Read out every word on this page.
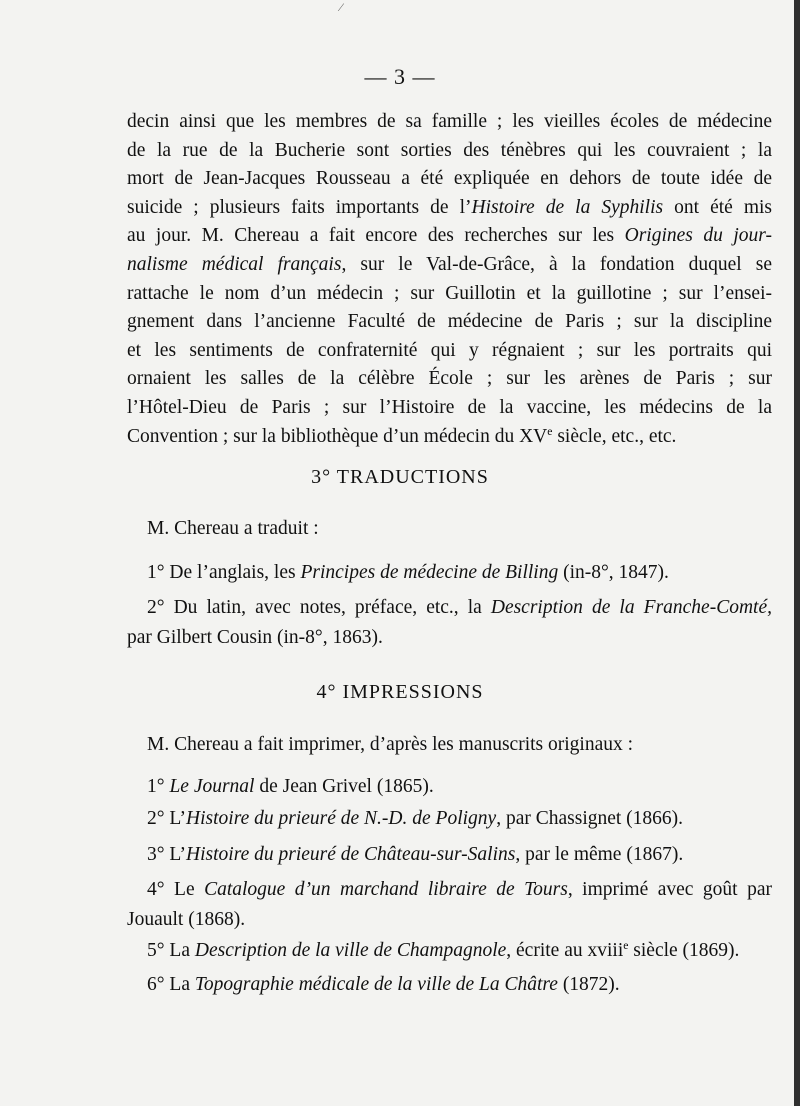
⁄
— 3 —

decin ainsi que les membres de sa famille ; les vieilles écoles de médecine
de la rue de la Bucherie sont sorties des ténèbres qui les couvraient ; la
mort de Jean-Jacques Rousseau a été expliquée en dehors de toute idée de
suicide ; plusieurs faits importants de l’Histoire de la Syphilis ont été mis
au jour. M. Chereau a fait encore des recherches sur les Origines du jour-
nalisme médical français, sur le Val-de-Grâce, à la fondation duquel se
rattache le nom d’un médecin ; sur Guillotin et la guillotine ; sur l’ensei-
gnement dans l’ancienne Faculté de médecine de Paris ; sur la discipline
et les sentiments de confraternité qui y régnaient ; sur les portraits qui
ornaient les salles de la célèbre École ; sur les arènes de Paris ; sur
l’Hôtel-Dieu de Paris ; sur l’Histoire de la vaccine, les médecins de la
Convention ; sur la bibliothèque d’un médecin du XVe siècle, etc., etc.

3° TRADUCTIONS
M. Chereau a traduit :
1° De l’anglais, les Principes de médecine de Billing (in-8°, 1847).
2° Du latin, avec notes, préface, etc., la Description de la Franche-Comté,
par Gilbert Cousin (in-8°, 1863).
4° IMPRESSIONS
M. Chereau a fait imprimer, d’après les manuscrits originaux :
1° Le Journal de Jean Grivel (1865).
2° L’Histoire du prieuré de N.-D. de Poligny, par Chassignet (1866).
3° L’Histoire du prieuré de Château-sur-Salins, par le même (1867).
4° Le Catalogue d’un marchand libraire de Tours, imprimé avec goût par
Jouault (1868).
5° La Description de la ville de Champagnole, écrite au xviii$^e$ siècle (1869).
6° La Topographie médicale de la ville de La Châtre (1872).
